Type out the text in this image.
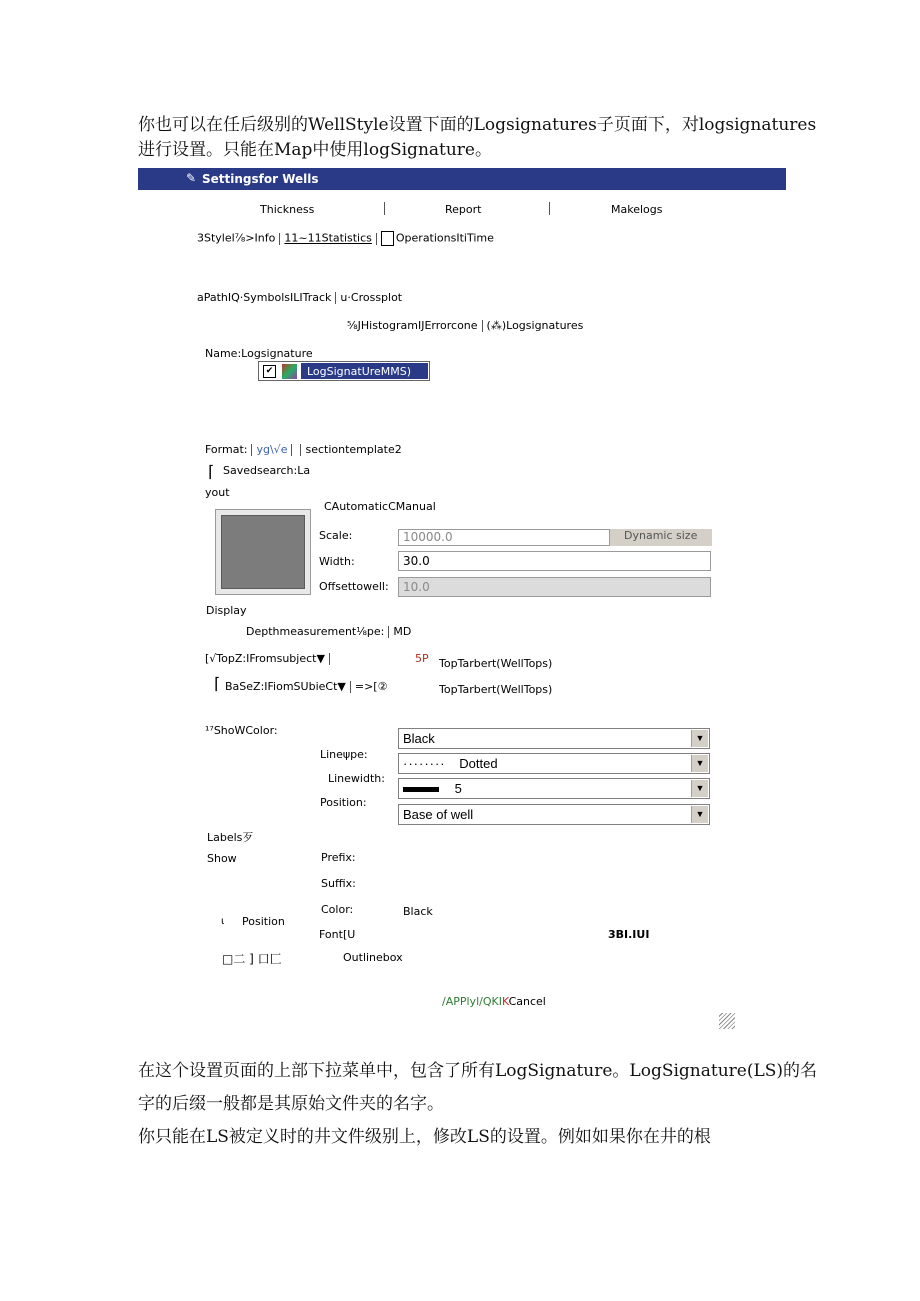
你也可以在任后级别的WellStyle设置下面的Logsignatures子页面下，对logsignatures
进行设置。只能在Map中使用logSignature。
✎ Settingsfor Wells
Thickness	Report	Makelogs
3Stylel⅞>Info 11~11Statistics OperationsItiTime
aPathIQ·SymbolsILITrack u·Crossplot
⅝JHistogramIJErrorcone (⁂)Logsignatures
Name:Logsignature
✔	LogSignatUreMMS)
Format: yg\√e sectiontemplate2
⌈ Savedsearch:La
yout
CAutomaticCManual
Scale:	10000.0	Dynamic size
Width:	30.0
Offsettowell:	10.0
Display
Depthmeasurement⅛pe: MD
[√TopZ:IFromsubject▼	5P TopTarbert(WellTops)
⌈ BaSeZ:IFiomSUbieCt▼ =>[②	TopTarbert(WellTops)
¹⁷ShoWColor:
Black	▼
Lineψpe:
········ Dotted	▼
Linewidth:
5	▼
Position:
Base of well	▼
Labels歹
Show	Prefix:
Suffix:
Color:	Black
ι Position
Font[U	3BI.IUI
□二 ] 口匚	Outlinebox
/APPlyl/QKIKCancel
在这个设置页面的上部下拉菜单中，包含了所有LogSignature。LogSignature(LS)的名
字的后缀一般都是其原始文件夹的名字。
你只能在LS被定义时的井文件级别上，修改LS的设置。例如如果你在井的根
